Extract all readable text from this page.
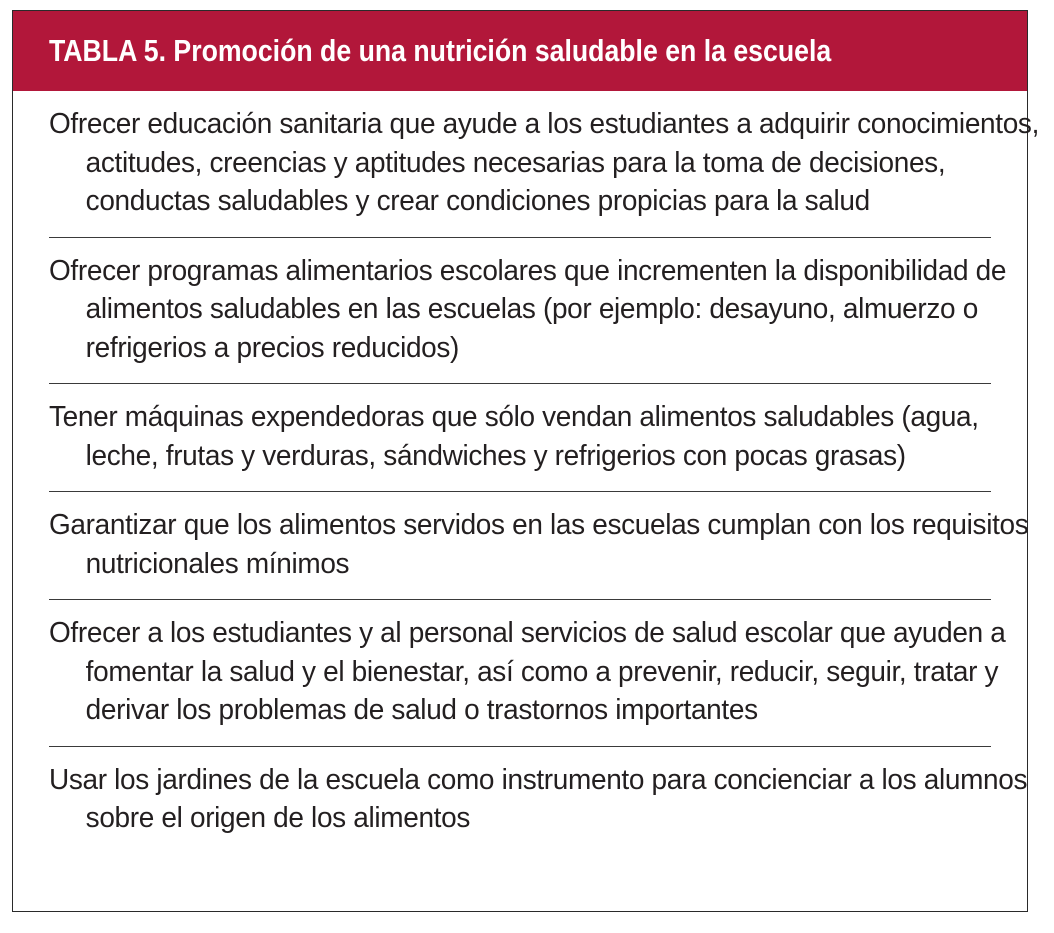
TABLA 5. Promoción de una nutrición saludable en la escuela
Ofrecer educación sanitaria que ayude a los estudiantes a adquirir conocimientos, actitudes, creencias y aptitudes necesarias para la toma de decisiones, conductas saludables y crear condiciones propicias para la salud
Ofrecer programas alimentarios escolares que incrementen la disponibilidad de alimentos saludables en las escuelas (por ejemplo: desayuno, almuerzo o refrigerios a precios reducidos)
Tener máquinas expendedoras que sólo vendan alimentos saludables (agua, leche, frutas y verduras, sándwiches y refrigerios con pocas grasas)
Garantizar que los alimentos servidos en las escuelas cumplan con los requisitos nutricionales mínimos
Ofrecer a los estudiantes y al personal servicios de salud escolar que ayuden a fomentar la salud y el bienestar, así como a prevenir, reducir, seguir, tratar y derivar los problemas de salud o trastornos importantes
Usar los jardines de la escuela como instrumento para concienciar a los alumnos sobre el origen de los alimentos
